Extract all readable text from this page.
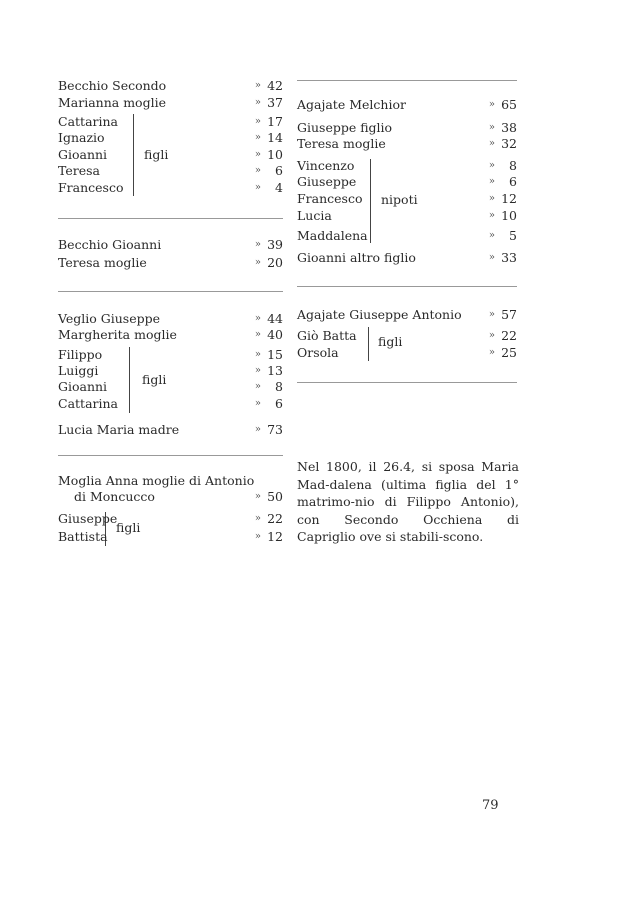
figli
figli
figli
nipoti
figli
Moglia Anna moglie di Antonio
di Moncucco	» 50
Nel 1800, il 26.4, si sposa Maria Mad-dalena (ultima figlia del 1° matrimo-nio di Filippo Antonio), con Secondo Occhiena di Capriglio ove si stabili-scono.
79
Becchio Secondo	» 42
Marianna moglie	» 37
Cattarina	» 17
Ignazio	» 14
Gioanni	» 10
Teresa	» 6
Francesco	» 4
Becchio Gioanni	» 39
Teresa moglie	» 20
Veglio Giuseppe	» 44
Margherita moglie	» 40
Filippo	» 15
Luiggi	» 13
Gioanni	» 8
Cattarina	» 6
Lucia Maria madre	» 73
Giuseppe	» 22
Battista	» 12
Agajate Melchior	» 65
Giuseppe figlio	» 38
Teresa moglie	» 32
Vincenzo	» 8
Giuseppe	» 6
Francesco	» 12
Lucia	» 10
Maddalena	» 5
Gioanni altro figlio	» 33
Agajate Giuseppe Antonio	» 57
Giò Batta	» 22
Orsola	» 25
